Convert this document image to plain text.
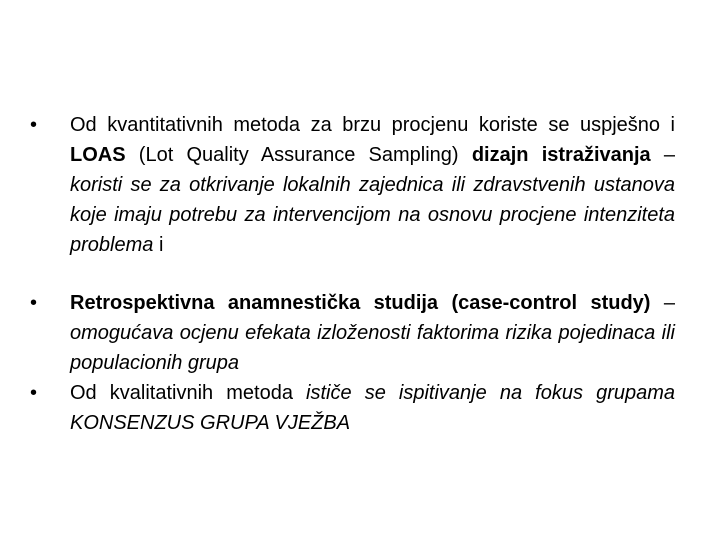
•	Od kvantitativnih metoda za brzu procjenu koriste se uspješno i LOAS (Lot Quality Assurance Sampling) dizajn istraživanja – koristi se za otkrivanje lokalnih zajednica ili zdravstvenih ustanova koje imaju potrebu za intervencijom na osnovu procjene intenziteta problema i
•	Retrospektivna anamnestička studija (case-control study) – omogućava ocjenu efekata izloženosti faktorima rizika pojedinaca ili populacionih grupa
•	Od kvalitativnih metoda ističe se ispitivanje na fokus grupama KONSENZUS GRUPA VJEŽBA
